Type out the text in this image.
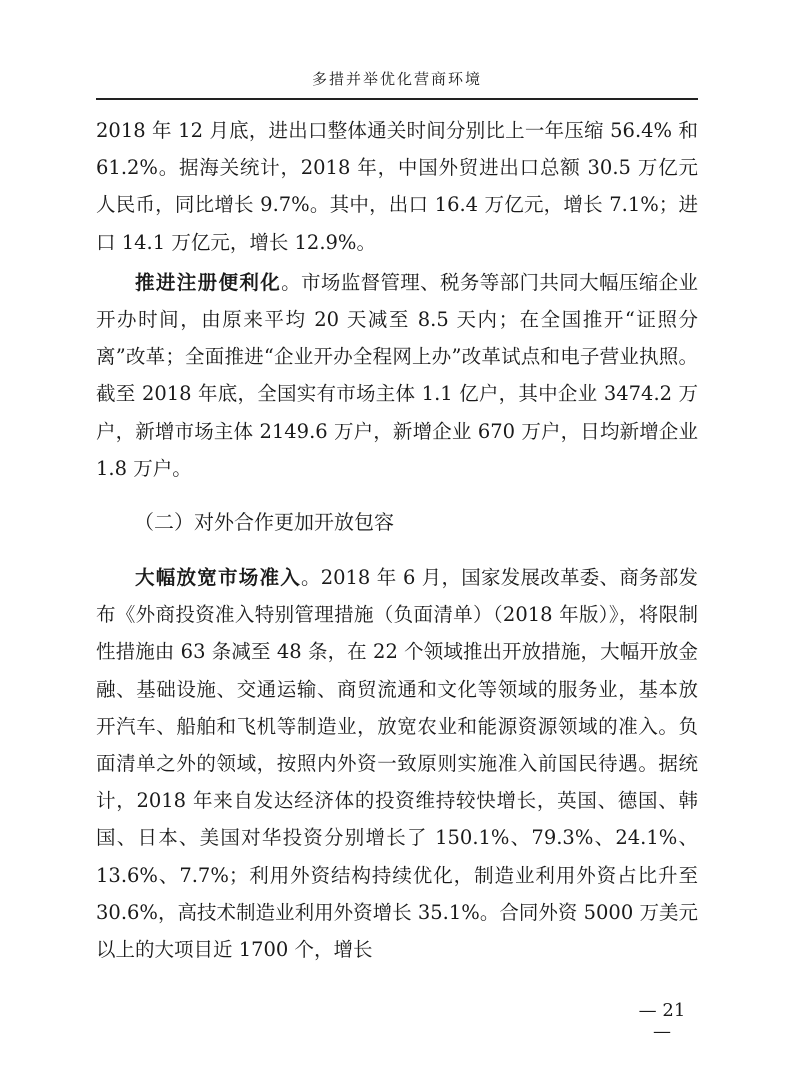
多措并举优化营商环境

2018 年 12 月底，进出口整体通关时间分别比上一年压缩 56.4% 和 61.2%。据海关统计，2018 年，中国外贸进出口总额 30.5 万亿元人民币，同比增长 9.7%。其中，出口 16.4 万亿元，增长 7.1%；进口 14.1 万亿元，增长 12.9%。

推进注册便利化。市场监督管理、税务等部门共同大幅压缩企业开办时间，由原来平均 20 天减至 8.5 天内；在全国推开“证照分离”改革；全面推进“企业开办全程网上办”改革试点和电子营业执照。截至 2018 年底，全国实有市场主体 1.1 亿户，其中企业 3474.2 万户，新增市场主体 2149.6 万户，新增企业 670 万户，日均新增企业 1.8 万户。

（二）对外合作更加开放包容

大幅放宽市场准入。2018 年 6 月，国家发展改革委、商务部发布《外商投资准入特别管理措施（负面清单）（2018 年版）》，将限制性措施由 63 条减至 48 条，在 22 个领域推出开放措施，大幅开放金融、基础设施、交通运输、商贸流通和文化等领域的服务业，基本放开汽车、船舶和飞机等制造业，放宽农业和能源资源领域的准入。负面清单之外的领域，按照内外资一致原则实施准入前国民待遇。据统计，2018 年来自发达经济体的投资维持较快增长，英国、德国、韩国、日本、美国对华投资分别增长了 150.1%、79.3%、24.1%、13.6%、7.7%；利用外资结构持续优化，制造业利用外资占比升至 30.6%，高技术制造业利用外资增长 35.1%。合同外资 5000 万美元以上的大项目近 1700 个，增长

— 21 —
